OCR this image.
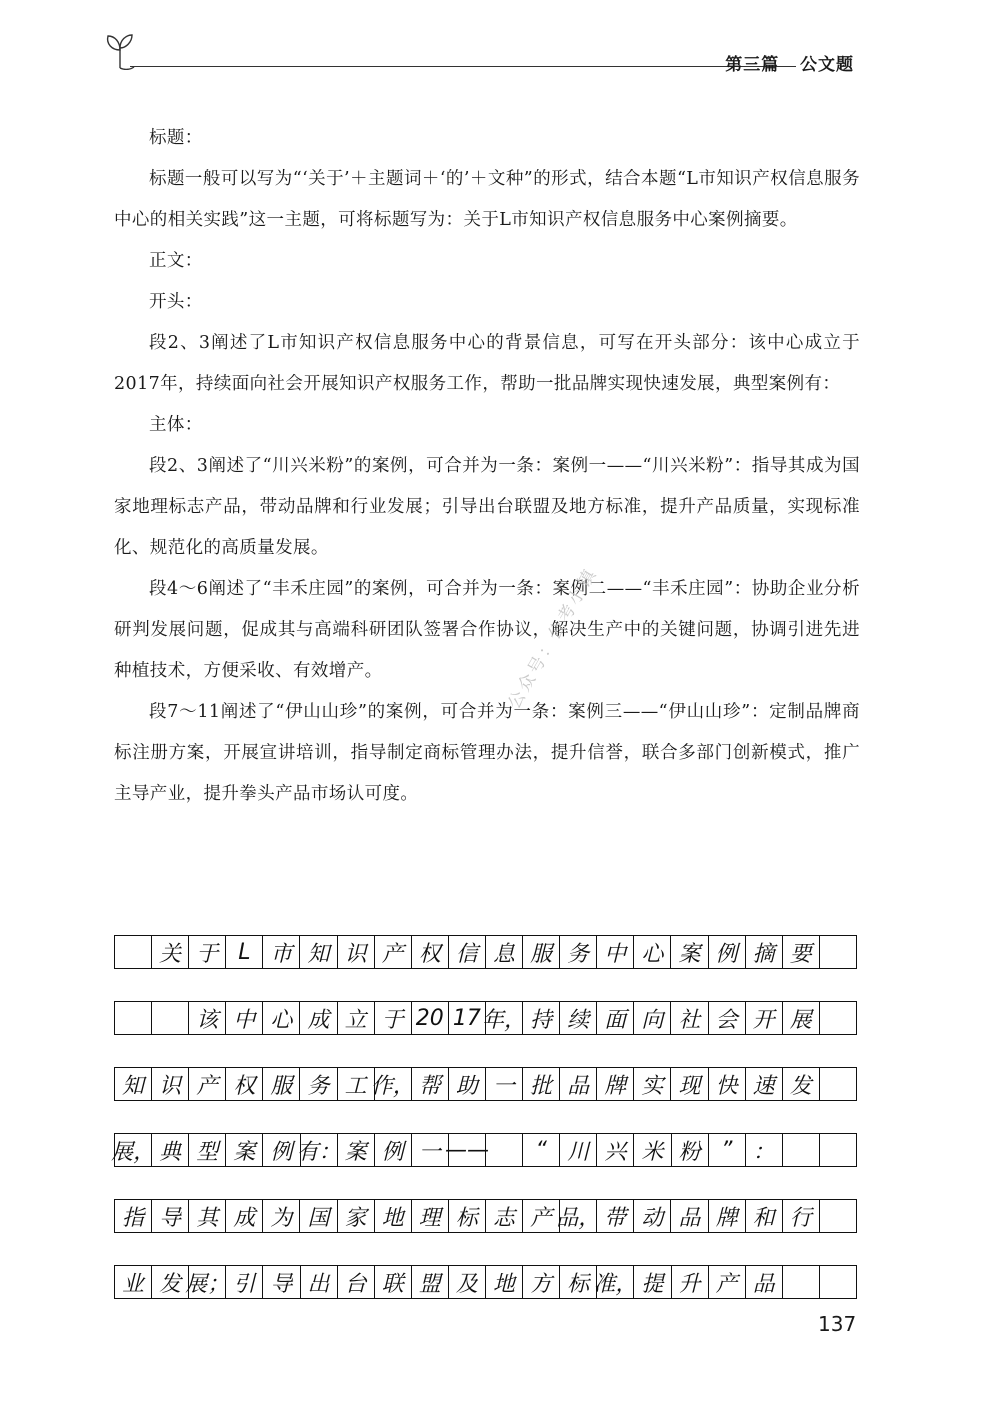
第三篇 公文题

标题：

标题一般可以写为“‘关于’＋主题词＋‘的’＋文种”的形式，结合本题“L市知识产权信息服务中心的相关实践”这一主题，可将标题写为：关于L市知识产权信息服务中心案例摘要。

正文：

开头：

段2、3阐述了L市知识产权信息服务中心的背景信息，可写在开头部分：该中心成立于2017年，持续面向社会开展知识产权服务工作，帮助一批品牌实现快速发展，典型案例有：

主体：

段2、3阐述了“川兴米粉”的案例，可合并为一条：案例一——“川兴米粉”：指导其成为国家地理标志产品，带动品牌和行业发展；引导出台联盟及地方标准，提升产品质量，实现标准化、规范化的高质量发展。

段4～6阐述了“丰禾庄园”的案例，可合并为一条：案例二——“丰禾庄园”：协助企业分析研判发展问题，促成其与高端科研团队签署合作协议，解决生产中的关键问题，协调引进先进种植技术，方便采收、有效增产。

段7～11阐述了“伊山山珍”的案例，可合并为一条：案例三——“伊山山珍”：定制品牌商标注册方案，开展宣讲培训，指导制定商标管理办法，提升信誉，联合多部门创新模式，推广主导产业，提升拳头产品市场认可度。

公众号：公考小镇
关 于 L 市 知 识 产 权 信 息 服 务 中 心 案 例 摘 要
该 中 心 成 立 于 20 17 年， 持 续 面 向 社 会 开 展
知 识 产 权 服 务 工 作， 帮 助 一 批 品 牌 实 现 快 速 发
展， 典 型 案 例 有： 案 例 一 ——	“ 川 兴 米 粉 ” ：
指 导 其 成 为 国 家 地 理 标 志 产 品， 带 动 品 牌 和 行
业 发 展； 引 导 出 台 联 盟 及 地 方 标 准， 提 升 产 品
137
